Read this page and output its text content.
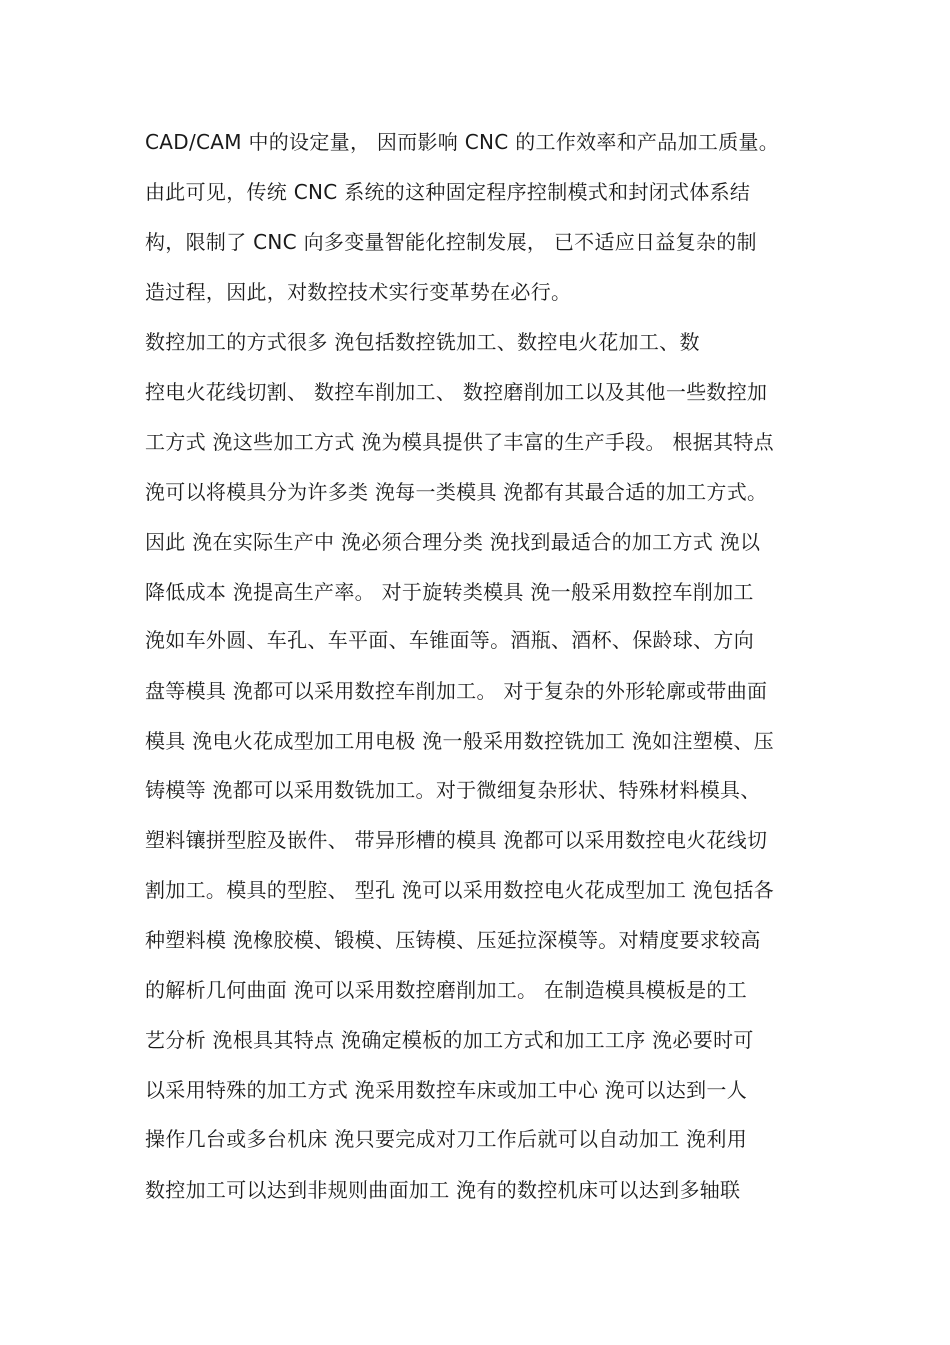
CAD/CAM 中的设定量， 因而影响 CNC 的工作效率和产品加工质量。
由此可见，传统 CNC 系统的这种固定程序控制模式和封闭式体系结
构，限制了 CNC 向多变量智能化控制发展， 已不适应日益复杂的制
造过程，因此，对数控技术实行变革势在必行。
数控加工的方式很多 浼包括数控铣加工、数控电火花加工、数
控电火花线切割、 数控车削加工、 数控磨削加工以及其他一些数控加
工方式 浼这些加工方式 浼为模具提供了丰富的生产手段。 根据其特点
浼可以将模具分为许多类 浼每一类模具 浼都有其最合适的加工方式。
因此 浼在实际生产中 浼必须合理分类 浼找到最适合的加工方式 浼以
降低成本 浼提高生产率。 对于旋转类模具 浼一般采用数控车削加工
浼如车外圆、车孔、车平面、车锥面等。酒瓶、酒杯、保龄球、方向
盘等模具 浼都可以采用数控车削加工。 对于复杂的外形轮廓或带曲面
模具 浼电火花成型加工用电极 浼一般采用数控铣加工 浼如注塑模、压
铸模等 浼都可以采用数铣加工。对于微细复杂形状、特殊材料模具、
塑料镶拼型腔及嵌件、 带异形槽的模具 浼都可以采用数控电火花线切
割加工。模具的型腔、 型孔 浼可以采用数控电火花成型加工 浼包括各
种塑料模 浼橡胶模、锻模、压铸模、压延拉深模等。对精度要求较高
的解析几何曲面 浼可以采用数控磨削加工。 在制造模具模板是的工
艺分析 浼根具其特点 浼确定模板的加工方式和加工工序 浼必要时可
以采用特殊的加工方式 浼采用数控车床或加工中心 浼可以达到一人
操作几台或多台机床 浼只要完成对刀工作后就可以自动加工 浼利用
数控加工可以达到非规则曲面加工 浼有的数控机床可以达到多轴联
